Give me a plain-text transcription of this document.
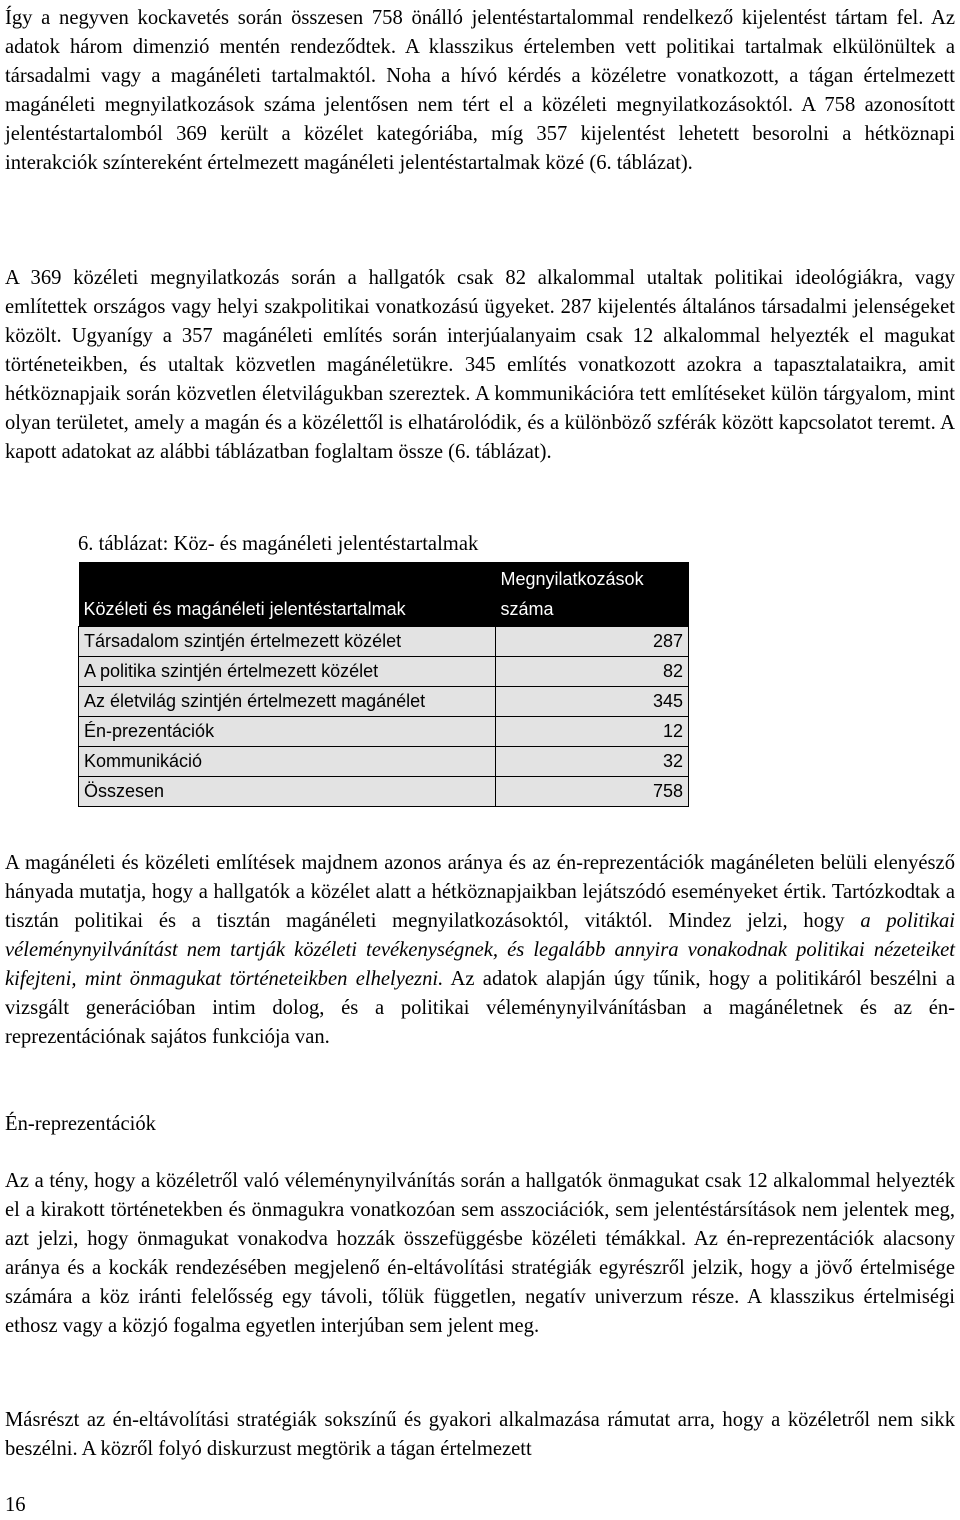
Így a negyven kockavetés során összesen 758 önálló jelentéstartalommal rendelkező kijelentést tártam fel. Az adatok három dimenzió mentén rendeződtek. A klasszikus értelemben vett politikai tartalmak elkülönültek a társadalmi vagy a magánéleti tartalmaktól. Noha a hívó kérdés a közéletre vonatkozott, a tágan értelmezett magánéleti megnyilatkozások száma jelentősen nem tért el a közéleti megnyilatkozásoktól. A 758 azonosított jelentéstartalomból 369 került a közélet kategóriába, míg 357 kijelentést lehetett besorolni a hétköznapi interakciók színtereként értelmezett magánéleti jelentéstartalmak közé (6. táblázat).

A 369 közéleti megnyilatkozás során a hallgatók csak 82 alkalommal utaltak politikai ideológiákra, vagy említettek országos vagy helyi szakpolitikai vonatkozású ügyeket. 287 kijelentés általános társadalmi jelenségeket közölt. Ugyanígy a 357 magánéleti említés során interjúalanyaim csak 12 alkalommal helyezték el magukat történeteikben, és utaltak közvetlen magánéletükre. 345 említés vonatkozott azokra a tapasztalataikra, amit hétköznapjaik során közvetlen életvilágukban szereztek. A kommunikációra tett említéseket külön tárgyalom, mint olyan területet, amely a magán és a közélettől is elhatárolódik, és a különböző szférák között kapcsolatot teremt. A kapott adatokat az alábbi táblázatban foglaltam össze (6. táblázat).

6. táblázat: Köz- és magánéleti jelentéstartalmak
Közéleti és magánéleti jelentéstartalmak	Megnyilatkozások
száma
Társadalom szintjén értelmezett közélet	287
A politika szintjén értelmezett közélet	82
Az életvilág szintjén értelmezett magánélet	345
Én-prezentációk	12
Kommunikáció	32
Összesen	758

A magánéleti és közéleti említések majdnem azonos aránya és az én-reprezentációk magánéleten belüli elenyésző hányada mutatja, hogy a hallgatók a közélet alatt a hétköznapjaikban lejátszódó eseményeket értik. Tartózkodtak a tisztán politikai és a tisztán magánéleti megnyilatkozásoktól, vitáktól. Mindez jelzi, hogy a politikai véleménynyilvánítást nem tartják közéleti tevékenységnek, és legalább annyira vonakodnak politikai nézeteiket kifejteni, mint önmagukat történeteikben elhelyezni. Az adatok alapján úgy tűnik, hogy a politikáról beszélni a vizsgált generációban intim dolog, és a politikai véleménynyilvánításban a magánéletnek és az én-reprezentációnak sajátos funkciója van.

Én-reprezentációk

Az a tény, hogy a közéletről való véleménynyilvánítás során a hallgatók önmagukat csak 12 alkalommal helyezték el a kirakott történetekben és önmagukra vonatkozóan sem asszociációk, sem jelentéstársítások nem jelentek meg, azt jelzi, hogy önmagukat vonakodva hozzák összefüggésbe közéleti témákkal. Az én-reprezentációk alacsony aránya és a kockák rendezésében megjelenő én-eltávolítási stratégiák egyrészről jelzik, hogy a jövő értelmisége számára a köz iránti felelősség egy távoli, tőlük független, negatív univerzum része. A klasszikus értelmiségi ethosz vagy a közjó fogalma egyetlen interjúban sem jelent meg.

Másrészt az én-eltávolítási stratégiák sokszínű és gyakori alkalmazása rámutat arra, hogy a közéletről nem sikk beszélni. A közről folyó diskurzust megtörik a tágan értelmezett

16
